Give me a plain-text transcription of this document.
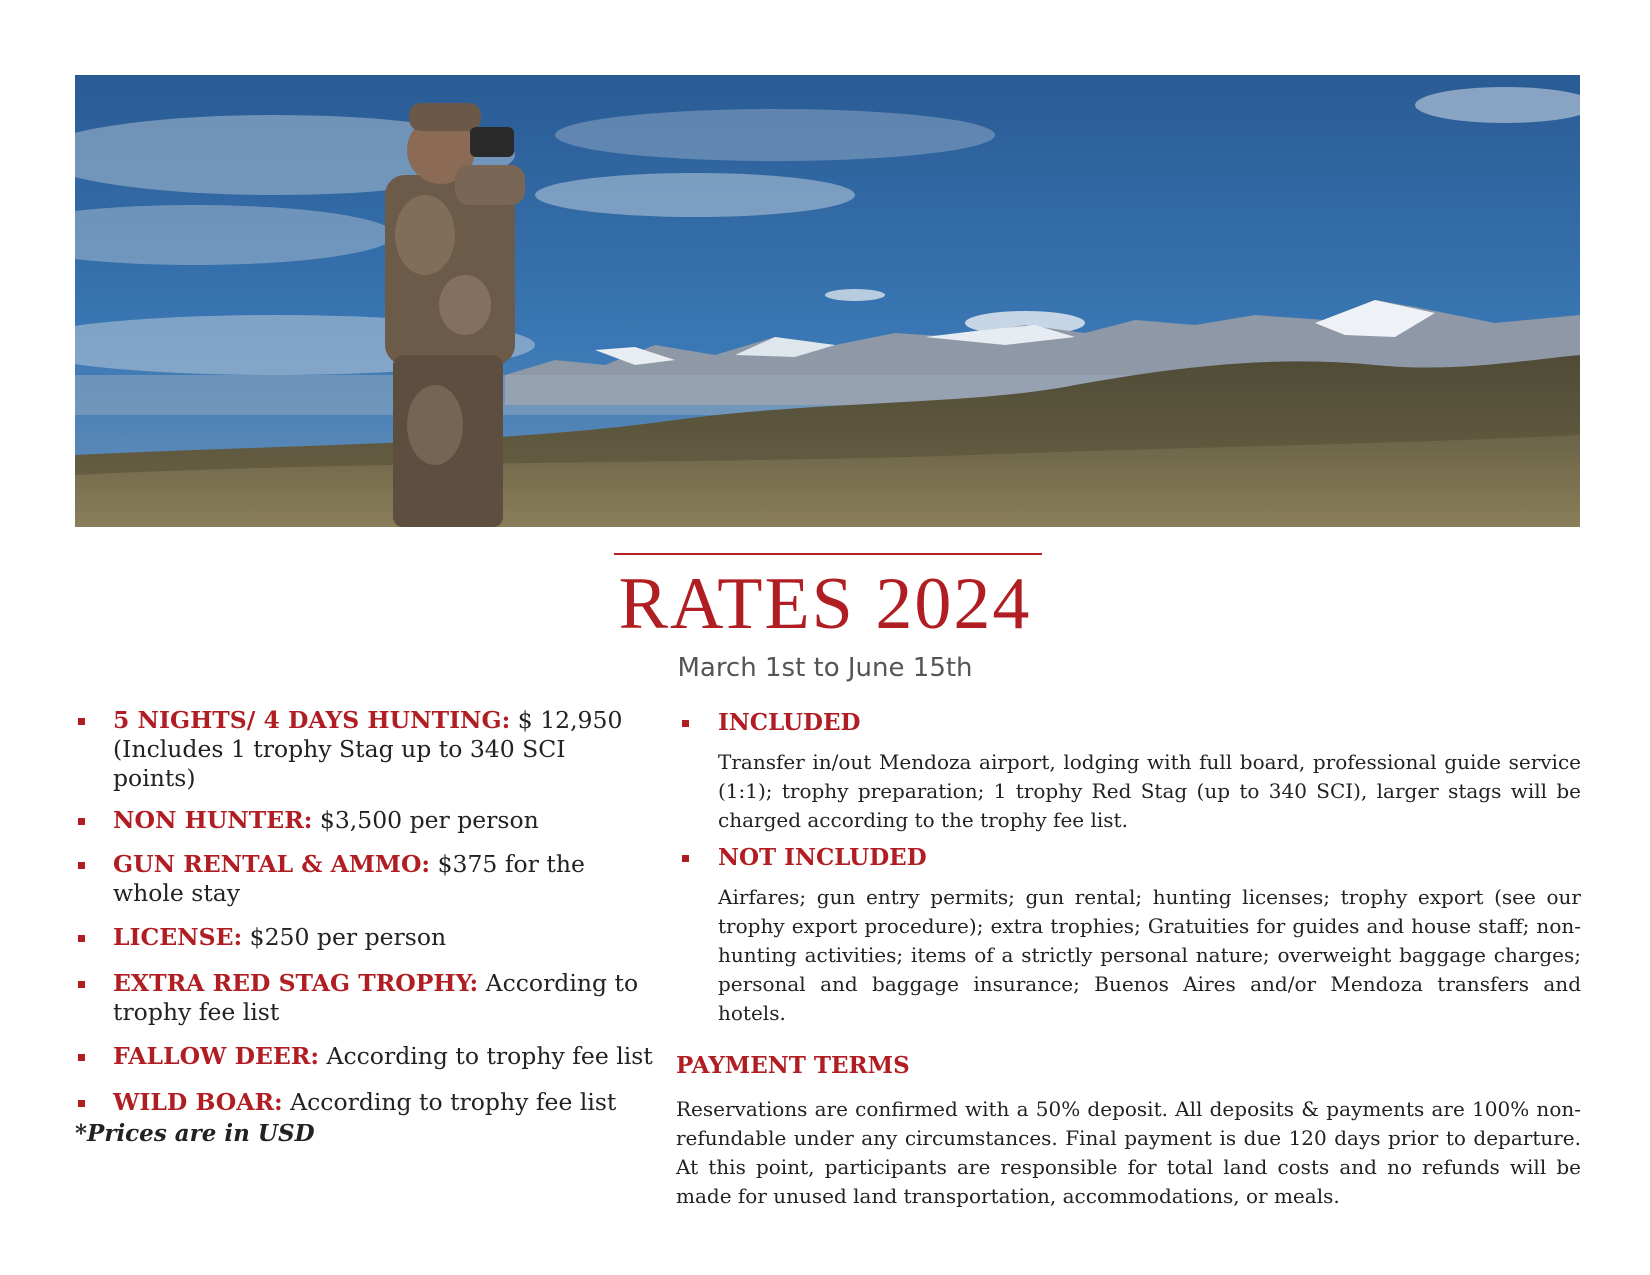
RATES 2024
March 1st to June 15th
5 NIGHTS/ 4 DAYS HUNTING: $ 12,950 (Includes 1 trophy Stag up to 340 SCI points)
NON HUNTER: $3,500 per person
GUN RENTAL & AMMO: $375 for the whole stay
LICENSE: $250 per person
EXTRA RED STAG TROPHY: According to trophy fee list
FALLOW DEER: According to trophy fee list
WILD BOAR: According to trophy fee list
*Prices are in USD
INCLUDED
Transfer in/out Mendoza airport, lodging with full board, professional guide service (1:1); trophy preparation; 1 trophy Red Stag (up to 340 SCI), larger stags will be charged according to the trophy fee list.
NOT INCLUDED
Airfares; gun entry permits; gun rental; hunting licenses; trophy export (see our trophy export procedure); extra trophies; Gratuities for guides and house staff; non-hunting activities; items of a strictly personal nature; overweight baggage charges; personal and baggage insurance; Buenos Aires and/or Mendoza transfers and hotels.
PAYMENT TERMS
Reservations are confirmed with a 50% deposit. All deposits & payments are 100% non-refundable under any circumstances. Final payment is due 120 days prior to departure. At this point, participants are responsible for total land costs and no refunds will be made for unused land transportation, accommodations, or meals.
